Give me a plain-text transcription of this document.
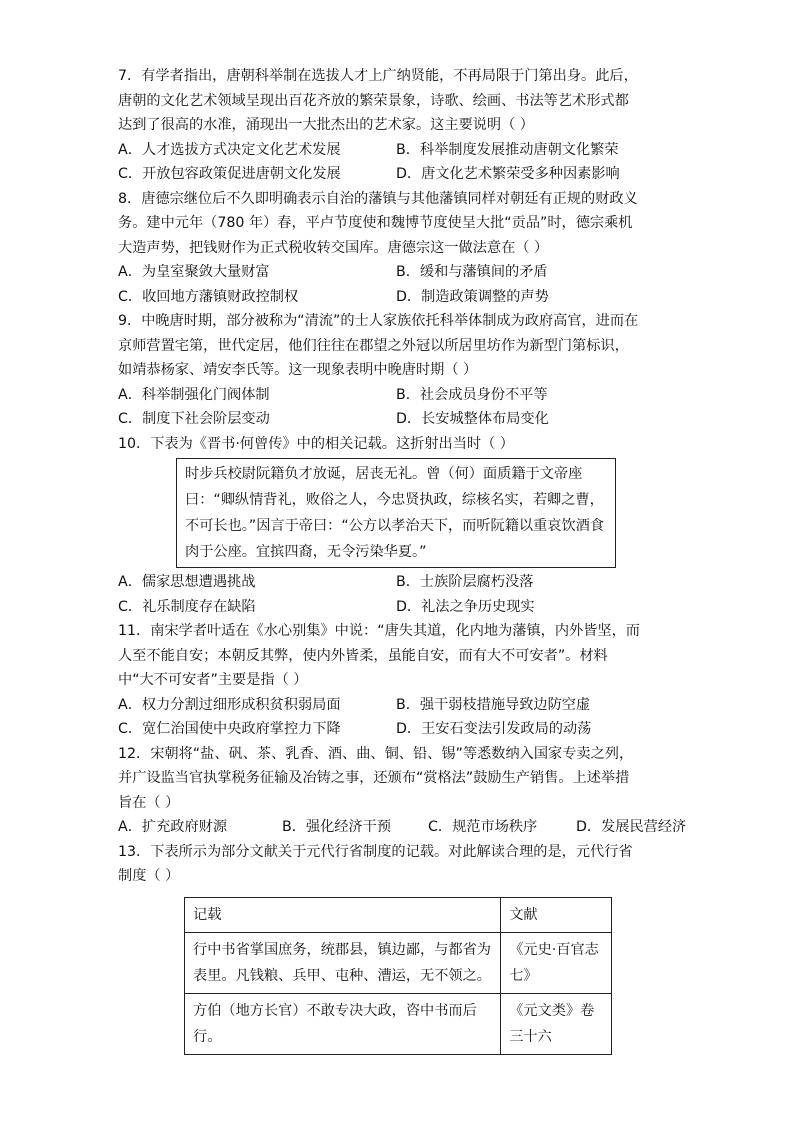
7．有学者指出，唐朝科举制在选拔人才上广纳贤能，不再局限于门第出身。此后，唐朝的文化艺术领域呈现出百花齐放的繁荣景象，诗歌、绘画、书法等艺术形式都达到了很高的水准，涌现出一大批杰出的艺术家。这主要说明（ ）

A．人才选拔方式决定文化艺术发展	B．科举制度发展推动唐朝文化繁荣

C．开放包容政策促进唐朝文化发展	D．唐文化艺术繁荣受多种因素影响

8．唐德宗继位后不久即明确表示自治的藩镇与其他藩镇同样对朝廷有正规的财政义务。建中元年（780 年）春，平卢节度使和魏博节度使呈大批“贡品”时，德宗乘机大造声势，把钱财作为正式税收转交国库。唐德宗这一做法意在（ ）

A．为皇室聚敛大量财富	B．缓和与藩镇间的矛盾

C．收回地方藩镇财政控制权	D．制造政策调整的声势

9．中晚唐时期，部分被称为“清流”的士人家族依托科举体制成为政府高官，进而在京师营置宅第，世代定居，他们往往在郡望之外冠以所居里坊作为新型门第标识，如靖恭杨家、靖安李氏等。这一现象表明中晚唐时期（ ）

A．科举制强化门阀体制	B．社会成员身份不平等

C．制度下社会阶层变动	D．长安城整体布局变化

10．下表为《晋书·何曾传》中的相关记载。这折射出当时（ ）

时步兵校尉阮籍负才放诞，居丧无礼。曾（何）面质籍于文帝座曰：“卿纵情背礼，败俗之人，今忠贤执政，综核名实，若卿之曹，不可长也。”因言于帝曰：“公方以孝治天下，而听阮籍以重哀饮酒食肉于公座。宜摈四裔，无令污染华夏。”

A．儒家思想遭遇挑战	B．士族阶层腐朽没落

C．礼乐制度存在缺陷	D．礼法之争历史现实

11．南宋学者叶适在《水心别集》中说：“唐失其道，化内地为藩镇，内外皆坚，而人至不能自安；本朝反其弊，使内外皆柔，虽能自安，而有大不可安者”。材料中“大不可安者”主要是指（ ）

A．权力分割过细形成积贫积弱局面	B．强干弱枝措施导致边防空虚

C．宽仁治国使中央政府掌控力下降	D．王安石变法引发政局的动荡

12．宋朝将“盐、矾、茶、乳香、酒、曲、铜、铅、锡”等悉数纳入国家专卖之列，并广设监当官执掌税务征输及冶铸之事，还颁布“赏格法”鼓励生产销售。上述举措旨在（ ）

A．扩充政府财源	B．强化经济干预	C．规范市场秩序	D．发展民营经济

13．下表所示为部分文献关于元代行省制度的记载。对此解读合理的是，元代行省制度（ ）

记载	文献
行中书省掌国庶务，统郡县，镇边鄙，与都省为表里。凡钱粮、兵甲、屯种、漕运，无不领之。	《元史·百官志七》
方伯（地方长官）不敢专决大政，咨中书而后行。	《元文类》卷三十六
